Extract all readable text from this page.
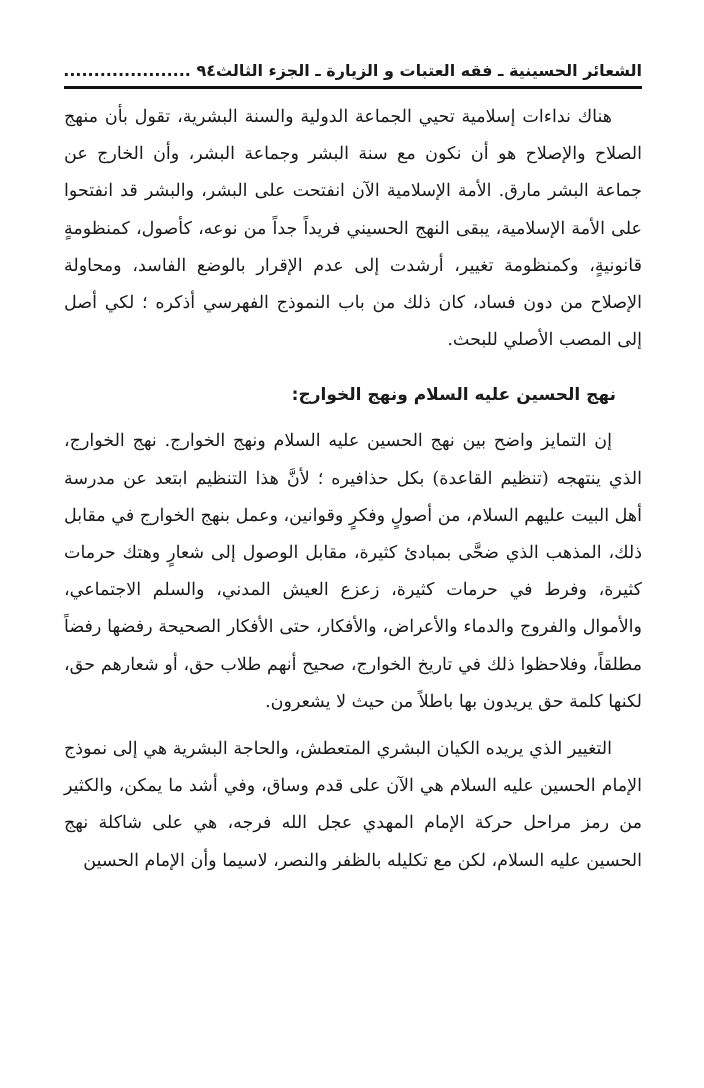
الشعائر الحسينية ـ فقه العتبات و الزيارة ـ الجزء الثالث
٩٤ .....................

هناك نداءات إسلامية تحيي الجماعة الدولية والسنة البشرية، تقول بأن منهج الصلاح والإصلاح هو أن نكون مع سنة البشر وجماعة البشر، وأن الخارج عن جماعة البشر مارق. الأمة الإسلامية الآن انفتحت على البشر، والبشر قد انفتحوا على الأمة الإسلامية، يبقى النهج الحسيني فريداً جداً من نوعه، كأصول، كمنظومةٍ قانونيةٍ، وكمنظومة تغيير، أرشدت إلى عدم الإقرار بالوضع الفاسد، ومحاولة الإصلاح من دون فساد، كان ذلك من باب النموذج الفهرسي أذكره ؛ لكي أصل إلى المصب الأصلي للبحث.

نهج الحسين عليه السلام ونهج الخوارج:

إن التمايز واضح بين نهج الحسين عليه السلام ونهج الخوارج. نهج الخوارج، الذي ينتهجه (تنظيم القاعدة) بكل حذافيره ؛ لأنَّ هذا التنظيم ابتعد عن مدرسة أهل البيت عليهم السلام، من أصولٍ وفكرٍ وقوانين، وعمل بنهج الخوارج في مقابل ذلك، المذهب الذي ضحَّى بمبادئ كثيرة، مقابل الوصول إلى شعارٍ وهتك حرمات كثيرة، وفرط في حرمات كثيرة، زعزع العيش المدني، والسلم الاجتماعي، والأموال والفروج والدماء والأعراض، والأفكار، حتى الأفكار الصحيحة رفضها رفضاً مطلقاً، وفلاحظوا ذلك في تاريخ الخوارج، صحيح أنهم طلاب حق، أو شعارهم حق، لكنها كلمة حق يريدون بها باطلاً من حيث لا يشعرون.

التغيير الذي يريده الكيان البشري المتعطش، والحاجة البشرية هي إلى نموذج الإمام الحسين عليه السلام هي الآن على قدم وساق، وفي أشد ما يمكن، والكثير من رمز مراحل حركة الإمام المهدي عجل الله فرجه، هي على شاكلة نهج الحسين عليه السلام، لكن مع تكليله بالظفر والنصر، لاسيما وأن الإمام الحسين
